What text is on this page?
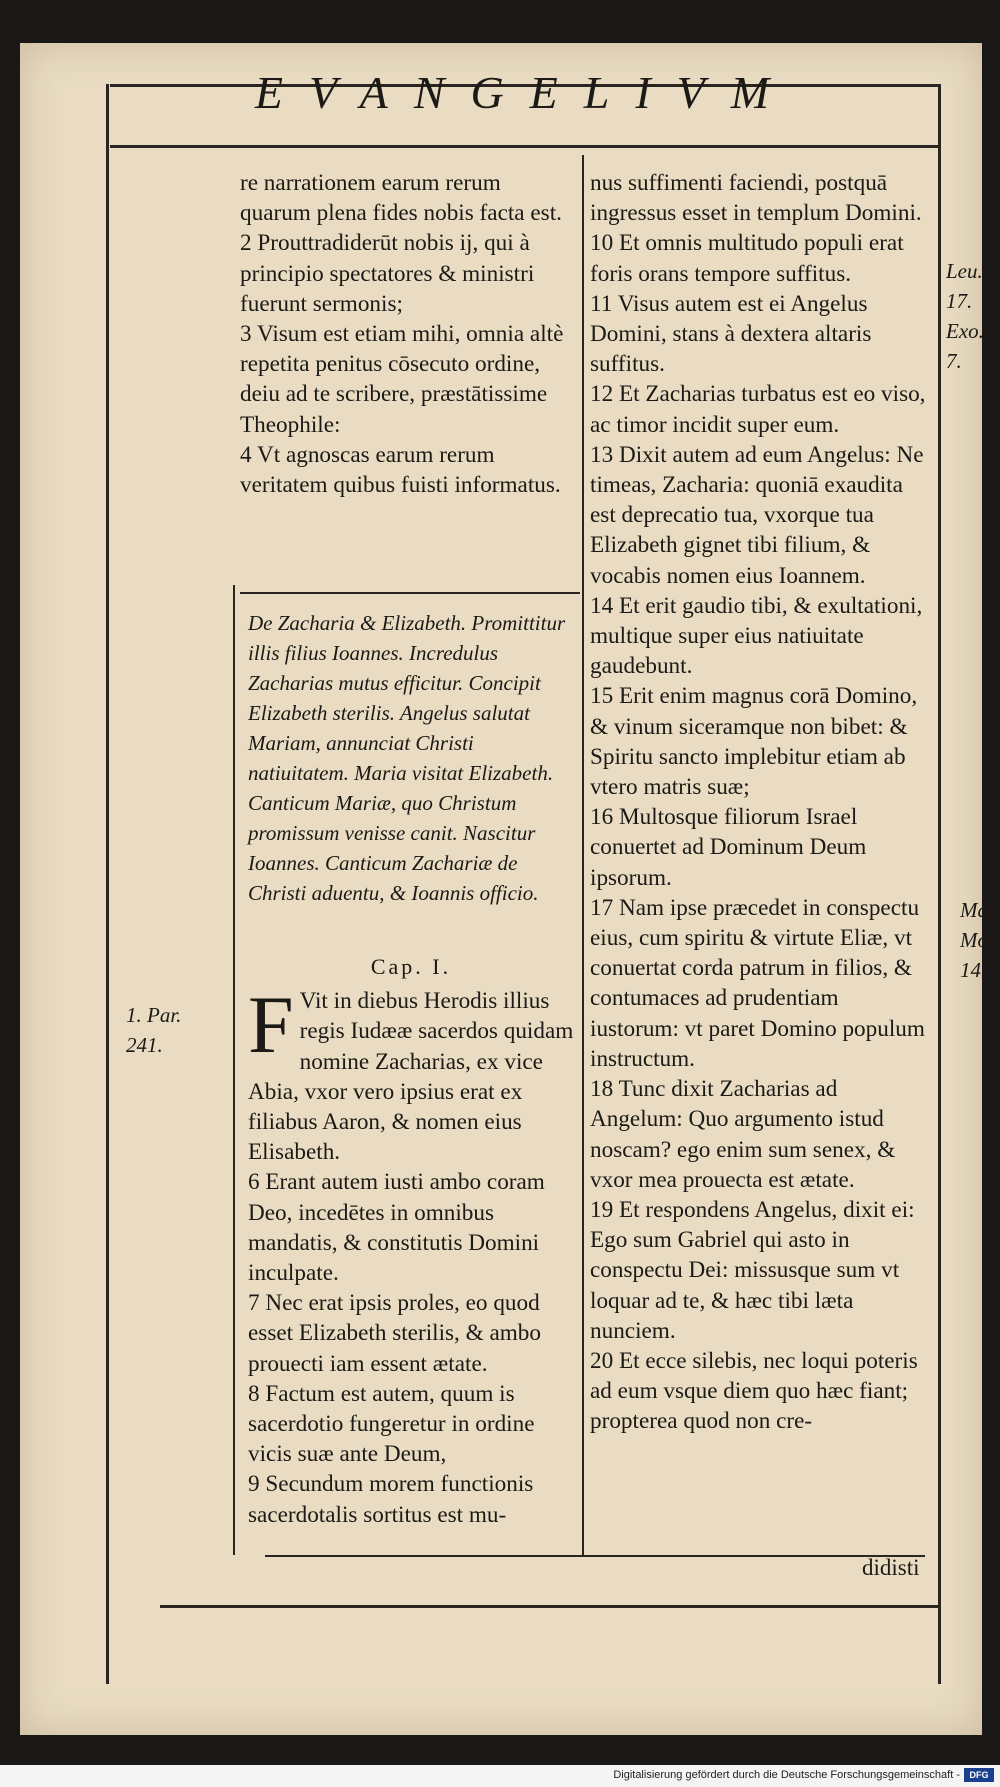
EVANGELIVM

re narrationem earum rerum quarum plena fides nobis facta est.

2 Prouttradiderūt nobis ij, qui à principio spectatores & ministri fuerunt sermonis;

3 Visum est etiam mihi, omnia altè repetita penitus cōsecuto ordine, deiu ad te scribere, præstātissime Theophile:

4 Vt agnoscas earum rerum veritatem quibus fuisti informatus.

De Zacharia & Elizabeth. Promittitur illis filius Ioannes. Incredulus Zacharias mutus efficitur. Concipit Elizabeth sterilis. Angelus salutat Mariam, annunciat Christi natiuitatem. Maria visitat Elizabeth. Canticum Mariæ, quo Christum promissum venisse canit. Nascitur Ioannes. Canticum Zachariæ de Christi aduentu, & Ioannis officio.

Cap. I.
F Vit in diebus Herodis illius regis Iudææ sacerdos quidam nomine Zacharias, ex vice Abia, vxor vero ipsius erat ex filiabus Aaron, & nomen eius Elisabeth.

6 Erant autem iusti ambo coram Deo, incedētes in omnibus mandatis, & constitutis Domini inculpate.

7 Nec erat ipsis proles, eo quod esset Elizabeth sterilis, & ambo prouecti iam essent ætate.

8 Factum est autem, quum is sacerdotio fungeretur in ordine vicis suæ ante Deum,

9 Secundum morem functionis sacerdotalis sortitus est mu-

nus suffimenti faciendi, postquā ingressus esset in templum Domini.

10 Et omnis multitudo populi erat foris orans tempore suffitus.

11 Visus autem est ei Angelus Domini, stans à dextera altaris suffitus.

12 Et Zacharias turbatus est eo viso, ac timor incidit super eum.

13 Dixit autem ad eum Angelus: Ne timeas, Zacharia: quoniā exaudita est deprecatio tua, vxorque tua Elizabeth gignet tibi filium, & vocabis nomen eius Ioannem.

14 Et erit gaudio tibi, & exultationi, multique super eius natiuitate gaudebunt.

15 Erit enim magnus corā Domino, & vinum siceramque non bibet: & Spiritu sancto implebitur etiam ab vtero matris suæ;

16 Multosque filiorum Israel conuertet ad Dominum Deum ipsorum.

17 Nam ipse præcedet in conspectu eius, cum spiritu & virtute Eliæ, vt conuertat corda patrum in filios, & contumaces ad prudentiam iustorum: vt paret Domino populum instructum.

18 Tunc dixit Zacharias ad Angelum: Quo argumento istud noscam? ego enim sum senex, & vxor mea prouecta est ætate.

19 Et respondens Angelus, dixit ei: Ego sum Gabriel qui asto in conspectu Dei: missusque sum vt loquar ad te, & hæc tibi læta nunciem.

20 Et ecce silebis, nec loqui poteris ad eum vsque diem quo hæc fiant; propterea quod non cre-

1. Par.
241.
Leu.
17.
Exo.
7.
Ma
Mo
14.
didisti
Digitalisierung gefördert durch die Deutsche Forschungsgemeinschaft -	DFG
